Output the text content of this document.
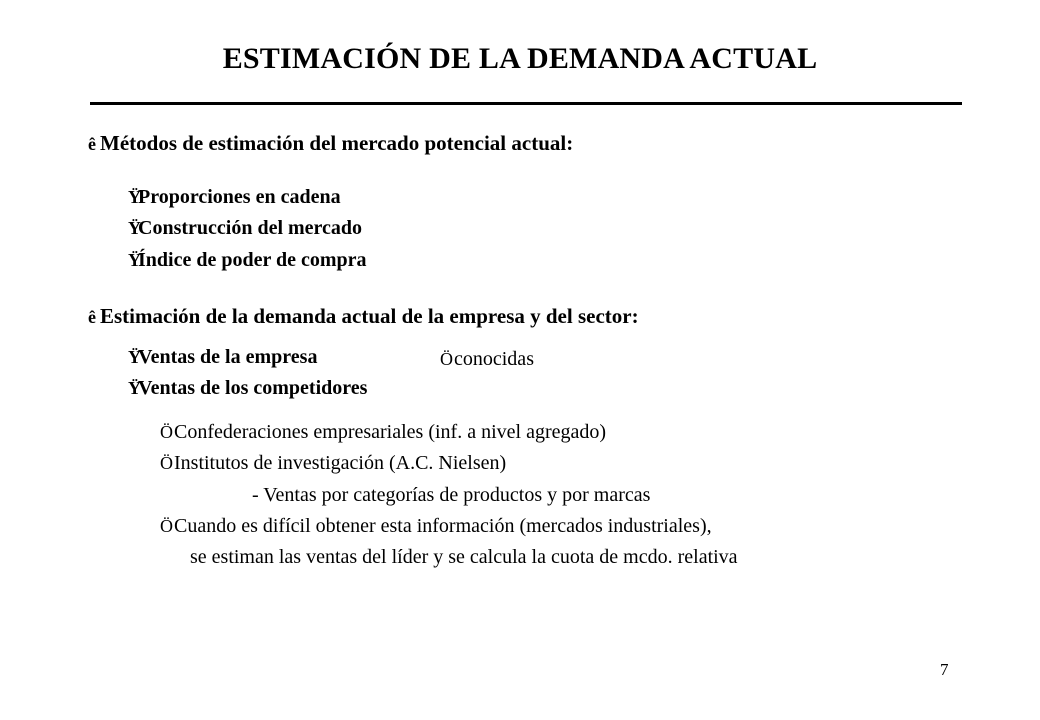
ESTIMACIÓN DE LA DEMANDA ACTUAL
ê Métodos de estimación del mercado potencial actual:
ŸProporciones en cadena
ŸConstrucción del mercado
ŸÍndice de poder de compra
ê Estimación de la demanda actual de la empresa y del sector:
ŸVentas de la empresa	Öconocidas
ŸVentas de los competidores
ÖConfederaciones empresariales (inf. a nivel agregado)
ÖInstitutos de investigación (A.C. Nielsen)
- Ventas por categorías de productos y por marcas
ÖCuando es difícil obtener esta información (mercados industriales),
se estiman las ventas del líder y se calcula la cuota de mcdo. relativa
7
